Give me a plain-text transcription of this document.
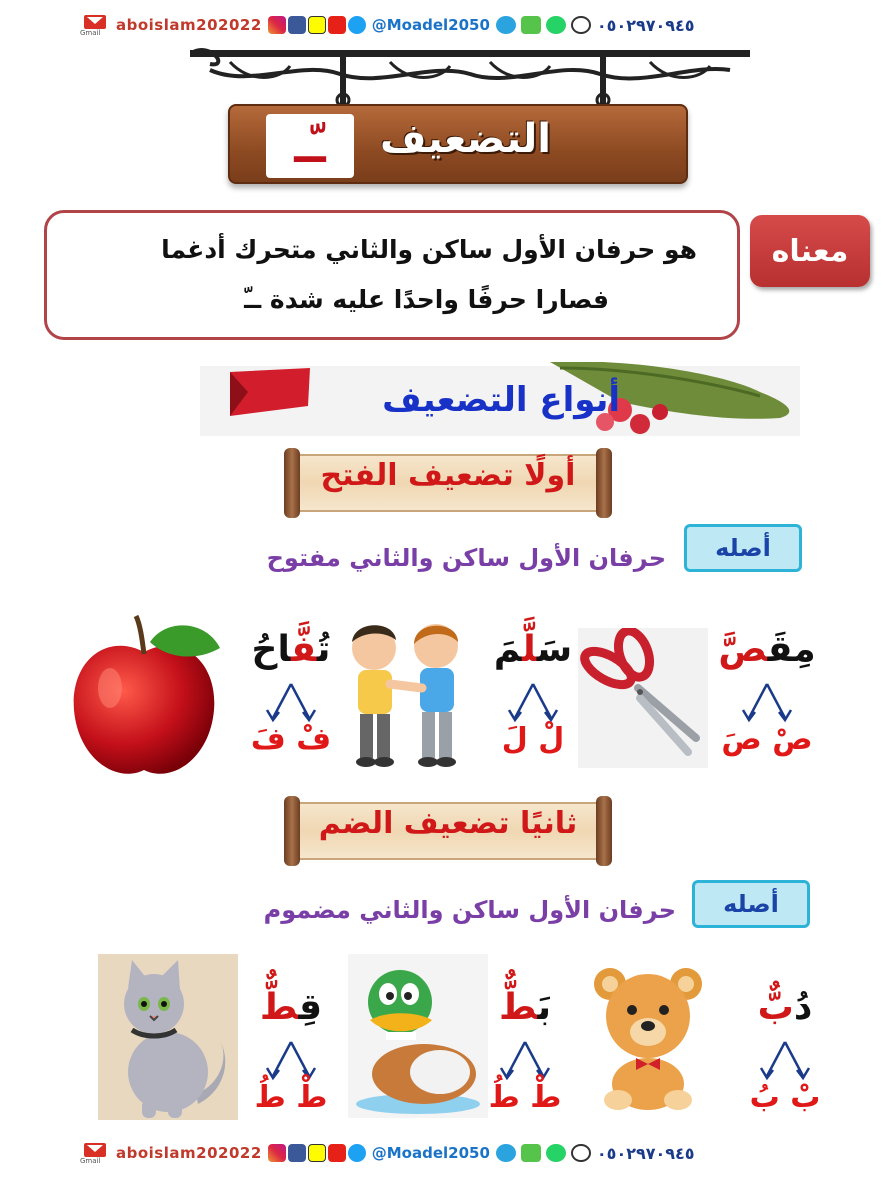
Gmail aboislam202022	@Moadel2050	٠٥٠٢٩٧٠٩٤٥
ـّـ التضعيف
هو حرفان الأول ساكن والثاني متحرك أدغما
فصارا حرفًا واحدًا عليه شدة ــّ
معناه
أنواع التضعيف
أولًا تضعيف الفتح
أصله
حرفان الأول ساكن والثاني مفتوح
مِقَصَّ
صْ صَ
سَلَّمَ
لْ لَ
تُفَّاحُ
فْ فَ
ثانيًا تضعيف الضم
أصله
حرفان الأول ساكن والثاني مضموم
دُبٌّ
بْ بُ
بَطٌّ
طْ طُ
قِطٌّ
طْ طُ
Gmail aboislam202022	@Moadel2050	٠٥٠٢٩٧٠٩٤٥
